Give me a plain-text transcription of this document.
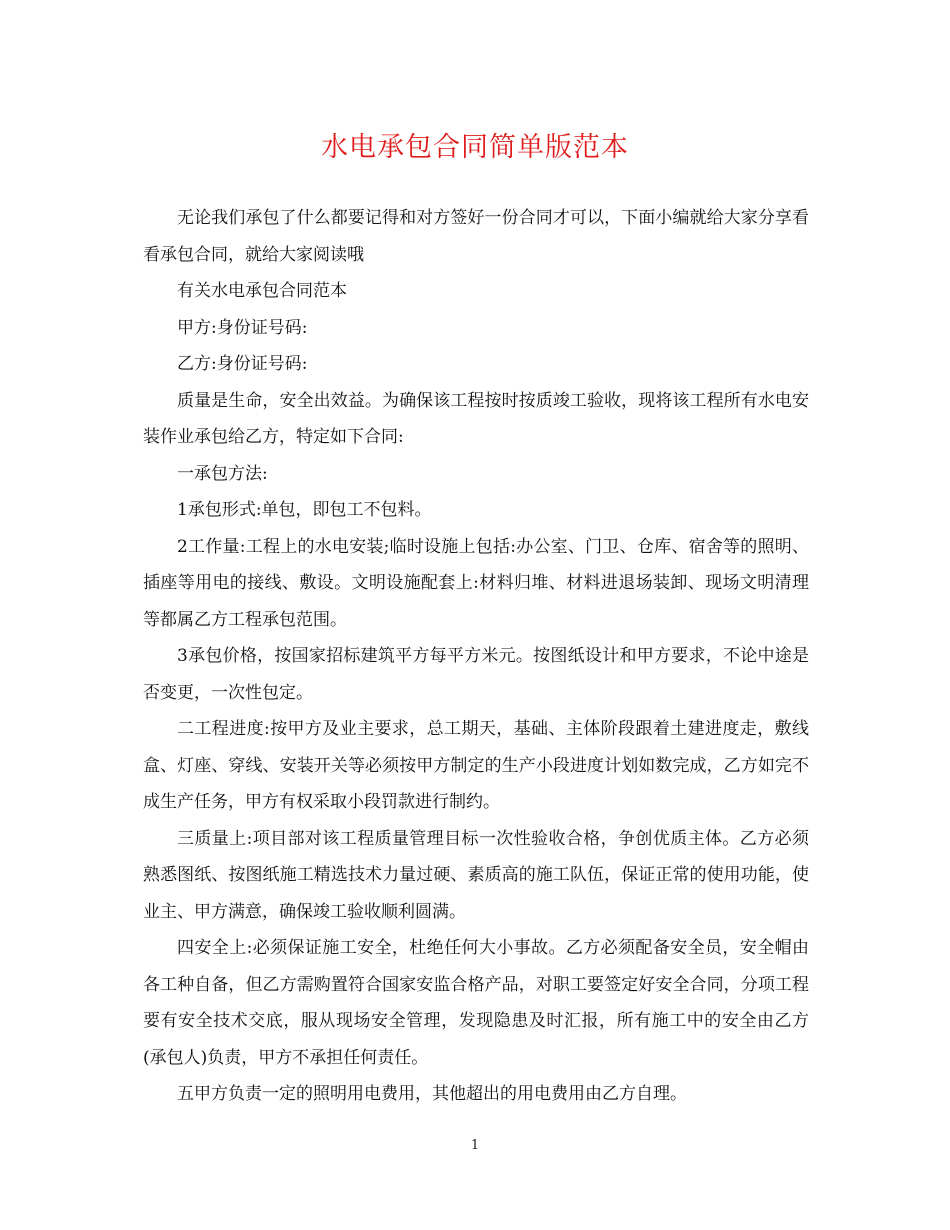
水电承包合同简单版范本

无论我们承包了什么都要记得和对方签好一份合同才可以，下面小编就给大家分享看看承包合同，就给大家阅读哦

有关水电承包合同范本

甲方:身份证号码:

乙方:身份证号码:

质量是生命，安全出效益。为确保该工程按时按质竣工验收，现将该工程所有水电安装作业承包给乙方，特定如下合同:

一承包方法:

1承包形式:单包，即包工不包料。

2工作量:工程上的水电安装;临时设施上包括:办公室、门卫、仓库、宿舍等的照明、插座等用电的接线、敷设。文明设施配套上:材料归堆、材料进退场装卸、现场文明清理等都属乙方工程承包范围。

3承包价格，按国家招标建筑平方每平方米元。按图纸设计和甲方要求，不论中途是否变更，一次性包定。

二工程进度:按甲方及业主要求，总工期天，基础、主体阶段跟着土建进度走，敷线盒、灯座、穿线、安装开关等必须按甲方制定的生产小段进度计划如数完成，乙方如完不成生产任务，甲方有权采取小段罚款进行制约。

三质量上:项目部对该工程质量管理目标一次性验收合格，争创优质主体。乙方必须熟悉图纸、按图纸施工精选技术力量过硬、素质高的施工队伍，保证正常的使用功能，使业主、甲方满意，确保竣工验收顺利圆满。

四安全上:必须保证施工安全，杜绝任何大小事故。乙方必须配备安全员，安全帽由各工种自备，但乙方需购置符合国家安监合格产品，对职工要签定好安全合同，分项工程要有安全技术交底，服从现场安全管理，发现隐患及时汇报，所有施工中的安全由乙方(承包人)负责，甲方不承担任何责任。

五甲方负责一定的照明用电费用，其他超出的用电费用由乙方自理。

1
